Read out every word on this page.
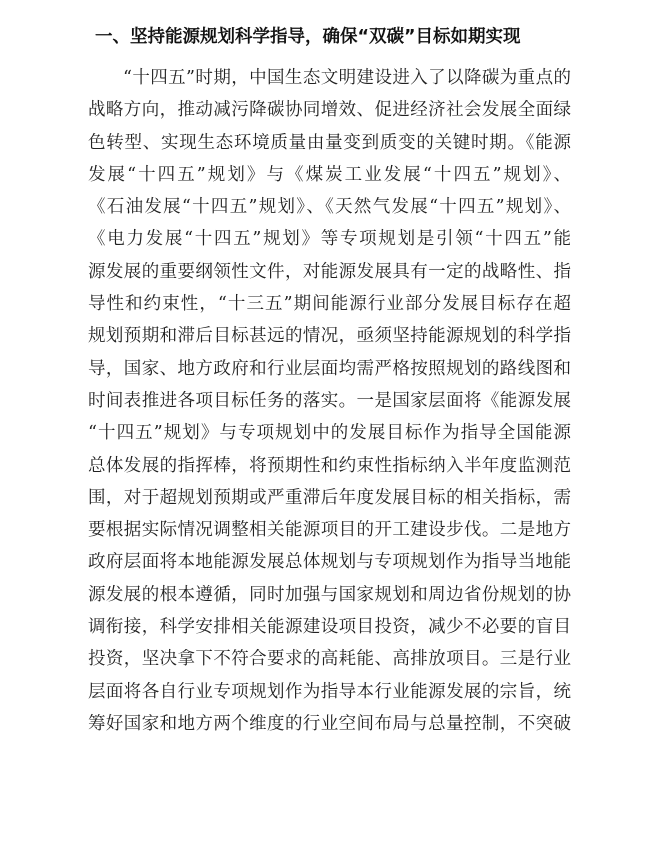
一、坚持能源规划科学指导，确保“双碳”目标如期实现
“十四五”时期，中国生态文明建设进入了以降碳为重点的
战略方向，推动减污降碳协同增效、促进经济社会发展全面绿
色转型、实现生态环境质量由量变到质变的关键时期。《能源
发展“十四五”规划》与《煤炭工业发展“十四五”规划》、
《石油发展“十四五”规划》、《天然气发展“十四五”规划》、
《电力发展“十四五”规划》等专项规划是引领“十四五”能
源发展的重要纲领性文件，对能源发展具有一定的战略性、指
导性和约束性，“十三五”期间能源行业部分发展目标存在超
规划预期和滞后目标甚远的情况，亟须坚持能源规划的科学指
导，国家、地方政府和行业层面均需严格按照规划的路线图和
时间表推进各项目标任务的落实。一是国家层面将《能源发展
“十四五”规划》与专项规划中的发展目标作为指导全国能源
总体发展的指挥棒，将预期性和约束性指标纳入半年度监测范
围，对于超规划预期或严重滞后年度发展目标的相关指标，需
要根据实际情况调整相关能源项目的开工建设步伐。二是地方
政府层面将本地能源发展总体规划与专项规划作为指导当地能
源发展的根本遵循，同时加强与国家规划和周边省份规划的协
调衔接，科学安排相关能源建设项目投资，减少不必要的盲目
投资，坚决拿下不符合要求的高耗能、高排放项目。三是行业
层面将各自行业专项规划作为指导本行业能源发展的宗旨，统
筹好国家和地方两个维度的行业空间布局与总量控制，不突破
